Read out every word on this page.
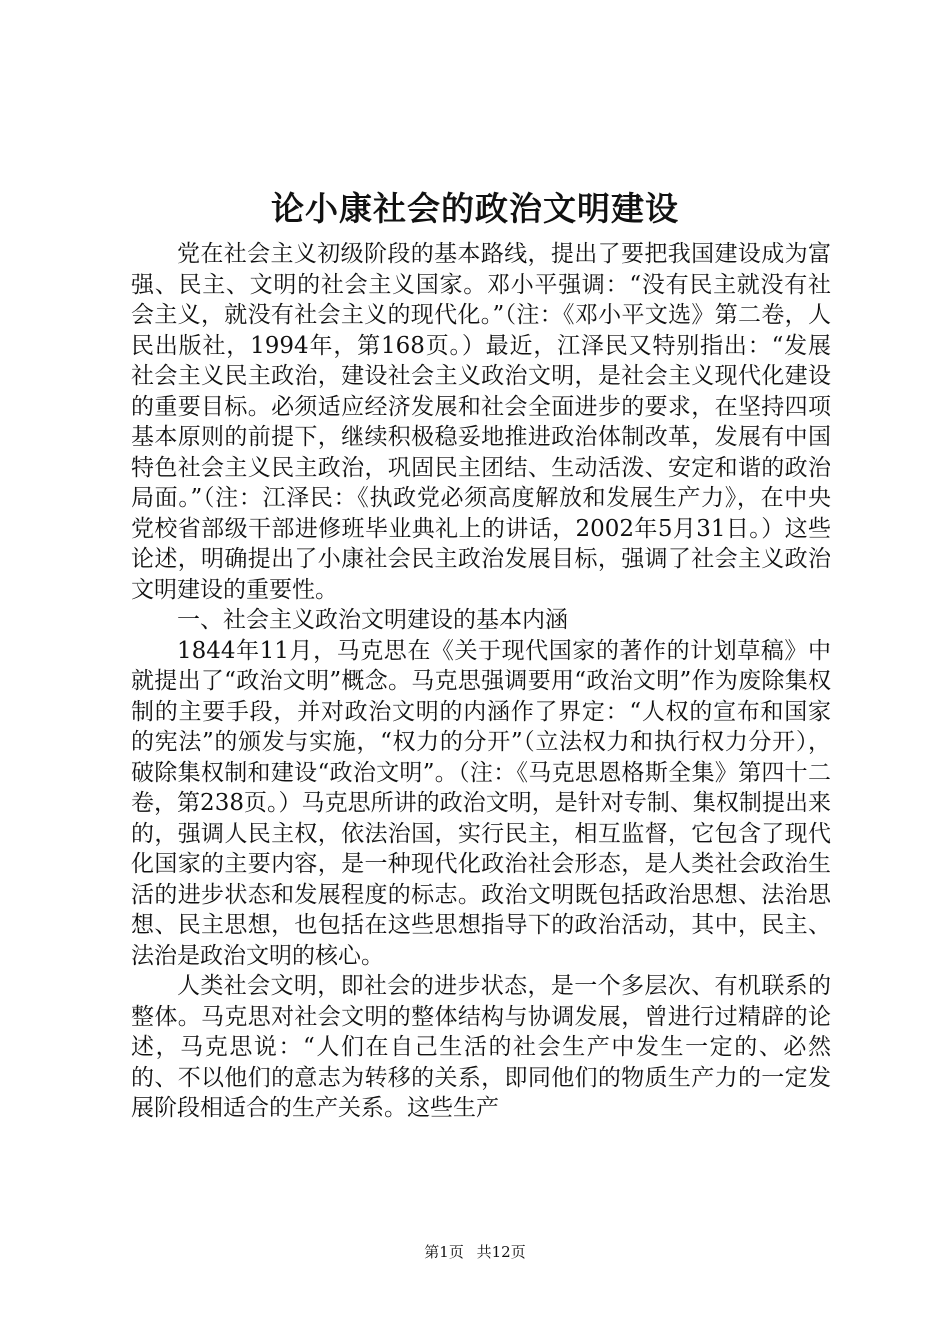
论小康社会的政治文明建设

党在社会主义初级阶段的基本路线，提出了要把我国建设成为富强、民主、文明的社会主义国家。邓小平强调：“没有民主就没有社会主义，就没有社会主义的现代化。”（注：《邓小平文选》第二卷，人民出版社，1994年，第168页。）最近，江泽民又特别指出：“发展社会主义民主政治，建设社会主义政治文明，是社会主义现代化建设的重要目标。必须适应经济发展和社会全面进步的要求，在坚持四项基本原则的前提下，继续积极稳妥地推进政治体制改革，发展有中国特色社会主义民主政治，巩固民主团结、生动活泼、安定和谐的政治局面。”（注：江泽民：《执政党必须高度解放和发展生产力》，在中央党校省部级干部进修班毕业典礼上的讲话，2002年5月31日。）这些论述，明确提出了小康社会民主政治发展目标，强调了社会主义政治文明建设的重要性。

一、社会主义政治文明建设的基本内涵

1844年11月，马克思在《关于现代国家的著作的计划草稿》中就提出了“政治文明”概念。马克思强调要用“政治文明”作为废除集权制的主要手段，并对政治文明的内涵作了界定：“人权的宣布和国家的宪法”的颁发与实施，“权力的分开”（立法权力和执行权力分开），破除集权制和建设“政治文明”。（注：《马克思恩格斯全集》第四十二卷，第238页。）马克思所讲的政治文明，是针对专制、集权制提出来的，强调人民主权，依法治国，实行民主，相互监督，它包含了现代化国家的主要内容，是一种现代化政治社会形态，是人类社会政治生活的进步状态和发展程度的标志。政治文明既包括政治思想、法治思想、民主思想，也包括在这些思想指导下的政治活动，其中，民主、法治是政治文明的核心。

人类社会文明，即社会的进步状态，是一个多层次、有机联系的整体。马克思对社会文明的整体结构与协调发展，曾进行过精辟的论述，马克思说：“人们在自己生活的社会生产中发生一定的、必然的、不以他们的意志为转移的关系，即同他们的物质生产力的一定发展阶段相适合的生产关系。这些生产

第1页 共12页
